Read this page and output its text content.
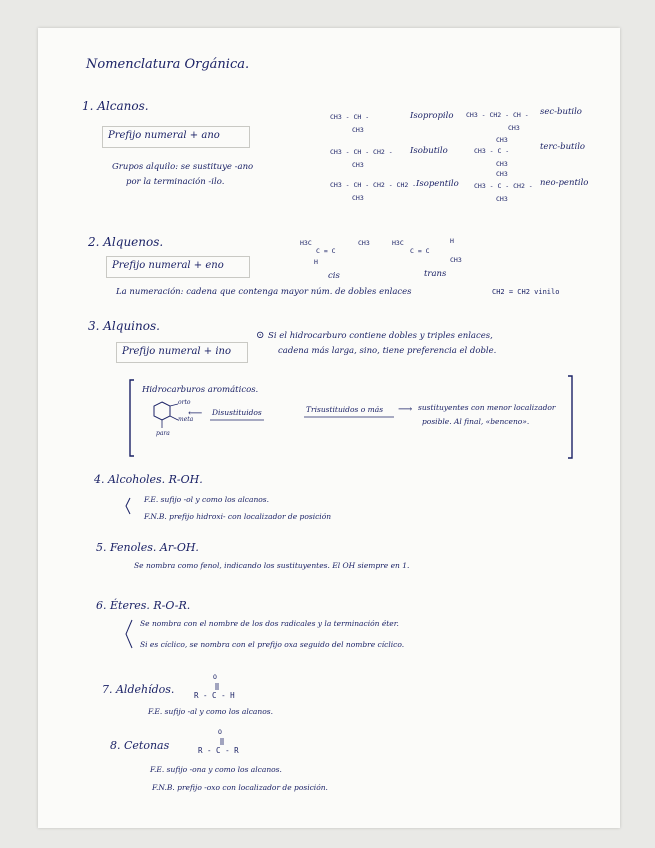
Nomenclatura Orgánica.
1. Alcanos.
Prefijo numeral + ano
Grupos alquilo: se sustituye -ano
por la terminación -ilo.
CH3 - CH -
CH3
Isopropilo
CH3 - CH - CH2 -
CH3
Isobutilo
CH3 - CH - CH2 - CH2 -
CH3
Isopentilo
CH3 - CH2 - CH -
CH3
sec-butilo
CH3
CH3 - C -
CH3
terc-butilo
CH3
CH3 - C - CH2 -
CH3
neo-pentilo
2. Alquenos.
Prefijo numeral + eno
H3C
C = C
CH3
H
cis
H3C
C = C
CH3
H
trans
La numeración: cadena que contenga mayor núm. de dobles enlaces	CH2 = CH2 vinilo
3. Alquinos.
Prefijo numeral + ino
⊙ Si el hidrocarburo contiene dobles y triples enlaces,
cadena más larga, sino, tiene preferencia el doble.
Hidrocarburos aromáticos.
orto
meta
para
⟵ Disustituidos	Trisustituidos o más ⟶ sustituyentes con menor localizador
posible. Al final, «benceno».
4. Alcoholes. R-OH.
F.E. sufijo -ol y como los alcanos.
F.N.B. prefijo hidroxi- con localizador de posición
5. Fenoles. Ar-OH.
Se nombra como fenol, indicando los sustituyentes. El OH siempre en 1.
6. Éteres. R-O-R.
Se nombra con el nombre de los dos radicales y la terminación éter.
Si es cíclico, se nombra con el prefijo oxa seguido del nombre cíclico.
7. Aldehídos.
O
R - C - H
F.E. sufijo -al y como los alcanos.
8. Cetonas
O
R - C - R
F.E. sufijo -ona y como los alcanos.
F.N.B. prefijo -oxo con localizador de posición.
